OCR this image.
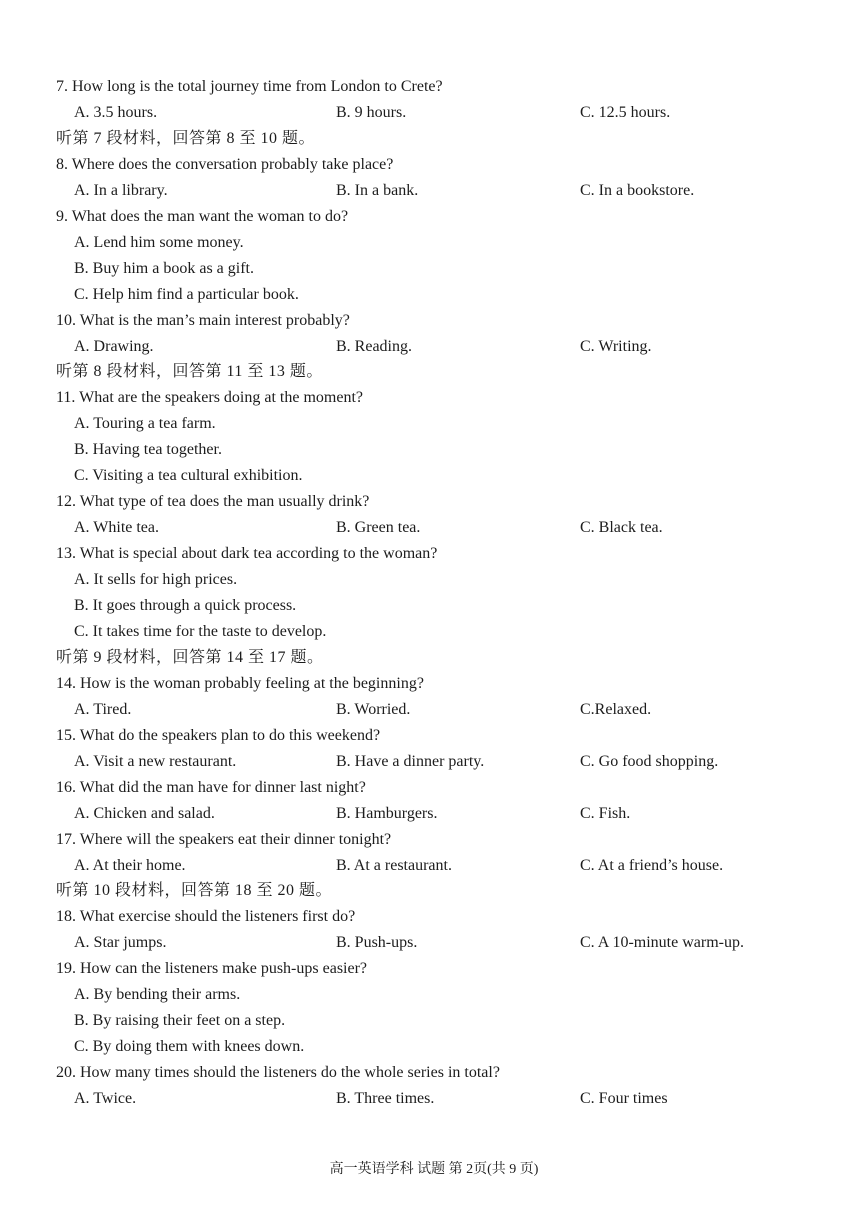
7. How long is the total journey time from London to Crete?
A. 3.5 hours.	B. 9 hours.	C. 12.5 hours.
听第 7 段材料，回答第 8 至 10 题。
8. Where does the conversation probably take place?
A. In a library.	B. In a bank.	C. In a bookstore.
9. What does the man want the woman to do?
A. Lend him some money.
B. Buy him a book as a gift.
C. Help him find a particular book.
10. What is the man’s main interest probably?
A. Drawing.	B. Reading.	C. Writing.
听第 8 段材料，回答第 11 至 13 题。
11. What are the speakers doing at the moment?
A. Touring a tea farm.
B. Having tea together.
C. Visiting a tea cultural exhibition.
12. What type of tea does the man usually drink?
A. White tea.	B. Green tea.	C. Black tea.
13. What is special about dark tea according to the woman?
A. It sells for high prices.
B. It goes through a quick process.
C. It takes time for the taste to develop.
听第 9 段材料，回答第 14 至 17 题。
14. How is the woman probably feeling at the beginning?
A. Tired.	B. Worried.	C.Relaxed.
15. What do the speakers plan to do this weekend?
A. Visit a new restaurant.	B. Have a dinner party.	C. Go food shopping.
16. What did the man have for dinner last night?
A. Chicken and salad.	B. Hamburgers.	C. Fish.
17. Where will the speakers eat their dinner tonight?
A. At their home.	B. At a restaurant.	C. At a friend’s house.
听第 10 段材料，回答第 18 至 20 题。
18. What exercise should the listeners first do?
A. Star jumps.	B. Push-ups.	C. A 10-minute warm-up.
19. How can the listeners make push-ups easier?
A. By bending their arms.
B. By raising their feet on a step.
C. By doing them with knees down.
20. How many times should the listeners do the whole series in total?
A. Twice.	B. Three times.	C. Four times
高一英语学科 试题 第 2页(共 9 页)
